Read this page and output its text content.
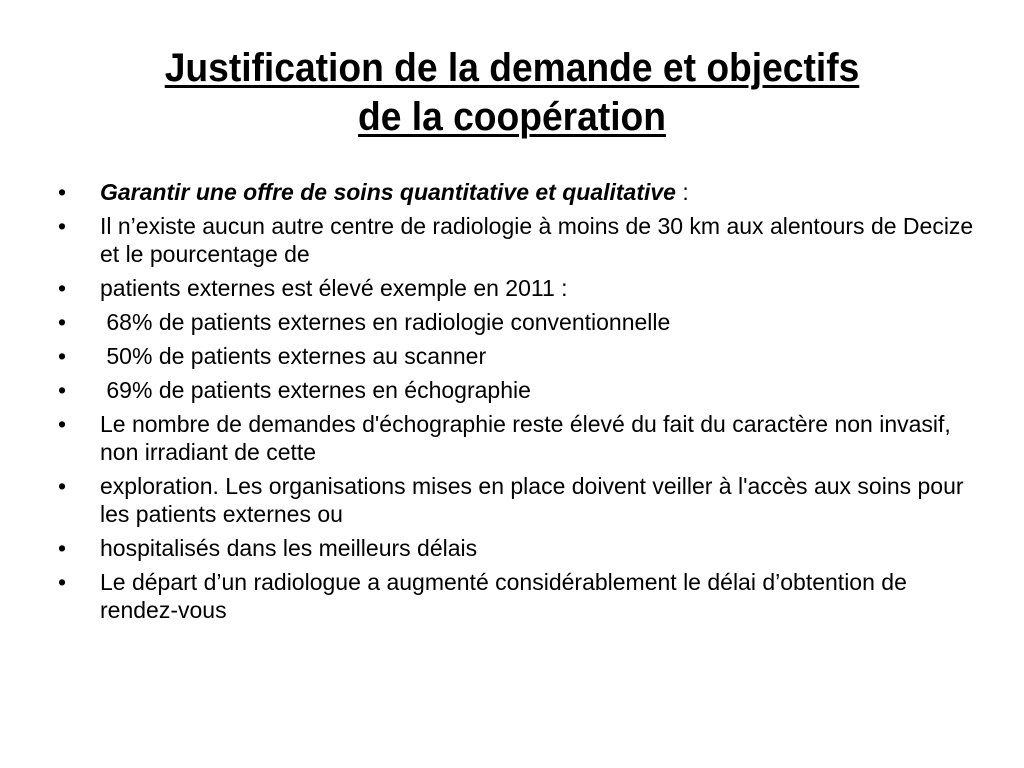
Justification de la demande et objectifs
de la coopération
• Garantir une offre de soins quantitative et qualitative :
• Il n’existe aucun autre centre de radiologie à moins de 30 km aux alentours de Decize et le pourcentage de
• patients externes est élevé exemple en 2011 :
• 68% de patients externes en radiologie conventionnelle
• 50% de patients externes au scanner
• 69% de patients externes en échographie
• Le nombre de demandes d'échographie reste élevé du fait du caractère non invasif, non irradiant de cette
• exploration. Les organisations mises en place doivent veiller à l'accès aux soins pour les patients externes ou
• hospitalisés dans les meilleurs délais
• Le départ d’un radiologue a augmenté considérablement le délai d’obtention de rendez-vous
